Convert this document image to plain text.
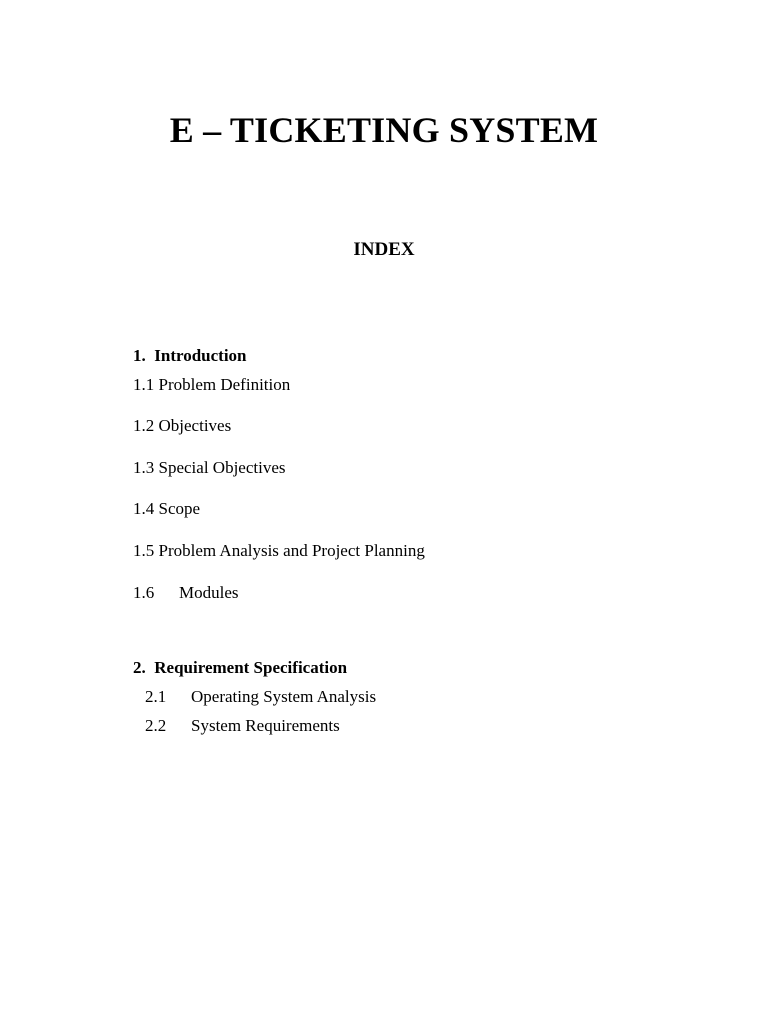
E – TICKETING SYSTEM
INDEX

1. Introduction

1.1 Problem Definition

1.2 Objectives

1.3 Special Objectives

1.4 Scope

1.5 Problem Analysis and Project Planning

1.6 Modules

2. Requirement Specification

2.1 Operating System Analysis

2.2 System Requirements
